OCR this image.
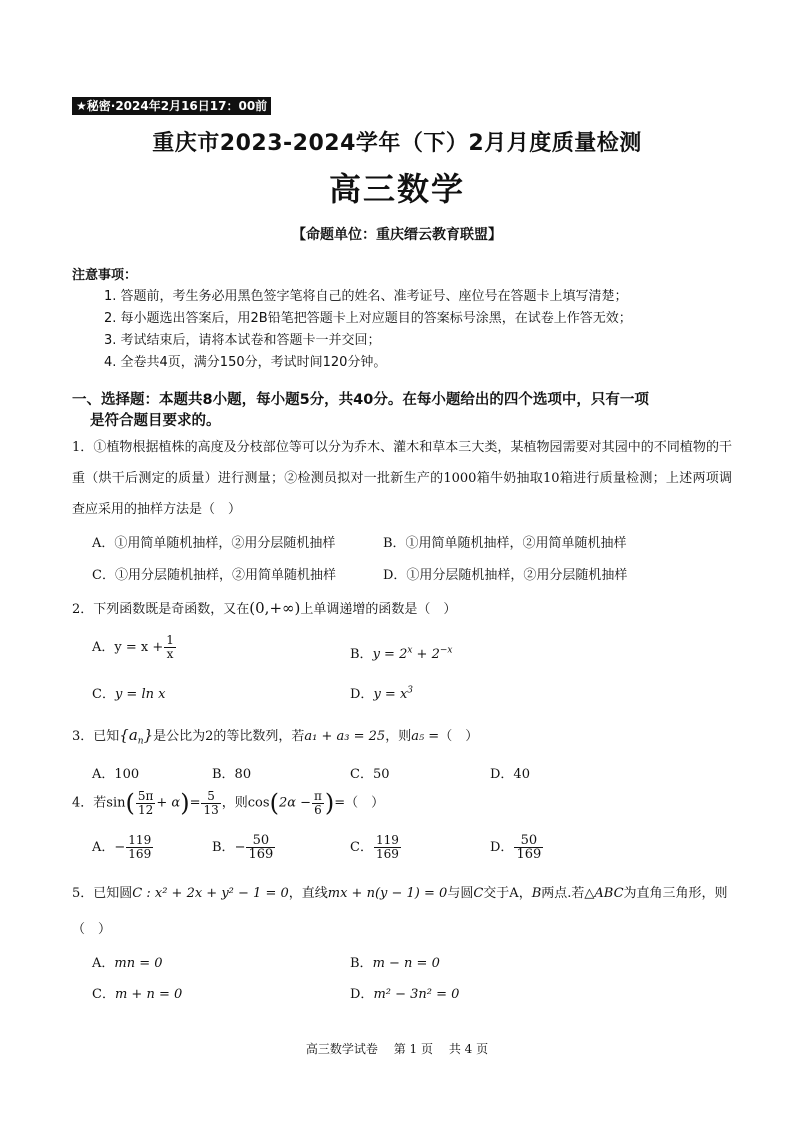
★秘密·2024年2月16日17：00前
重庆市2023-2024学年（下）2月月度质量检测
高三数学
【命题单位：重庆缙云教育联盟】
注意事项：
1. 答题前，考生务必用黑色签字笔将自己的姓名、准考证号、座位号在答题卡上填写清楚；
2. 每小题选出答案后，用2B铅笔把答题卡上对应题目的答案标号涂黑，在试卷上作答无效；
3. 考试结束后，请将本试卷和答题卡一并交回；
4. 全卷共4页，满分150分，考试时间120分钟。
一、选择题：本题共8小题，每小题5分，共40分。在每小题给出的四个选项中，只有一项
是符合题目要求的。
1．①植物根据植株的高度及分枝部位等可以分为乔木、灌木和草本三大类，某植物园需要对其园中的不同植物的干重（烘干后测定的质量）进行测量；②检测员拟对一批新生产的1000箱牛奶抽取10箱进行质量检测；上述两项调查应采用的抽样方法是（　）
A．①用简单随机抽样，②用分层随机抽样	B．①用简单随机抽样，②用简单随机抽样
C．①用分层随机抽样，②用简单随机抽样	D．①用分层随机抽样，②用分层随机抽样
2．下列函数既是奇函数，又在(0,+∞)上单调递增的函数是（　）
A．$y = x + \frac{1}{x}$	B．$y = 2^x + 2^{-x}$
C．y = ln x	D．$y = x^3$
3．已知$\{a_n\}$是公比为2的等比数列，若a₁ + a₃ = 25，则a₅ =（　）
A．100	B．80	C．50	D．40
4．若$\sin( \frac{5\pi}{12} + \alpha)= \frac{5}{13}$ ，则$\cos(2\alpha - \frac{\pi}{6}$ )=（　）
A．− $\frac{119}{169}$	B．− $\frac{50}{169}$	C． $\frac{119}{169}$	D． $\frac{50}{169}$
5．已知圆C : x² + 2x + y² − 1 = 0，直线mx + n(y − 1) = 0与圆C交于A，B两点.若△ABC为直角三角形，则
（　）
A．mn = 0	B．m − n = 0
C．m + n = 0	D．m² − 3n² = 0
高三数学试卷 第 1 页 共 4 页
